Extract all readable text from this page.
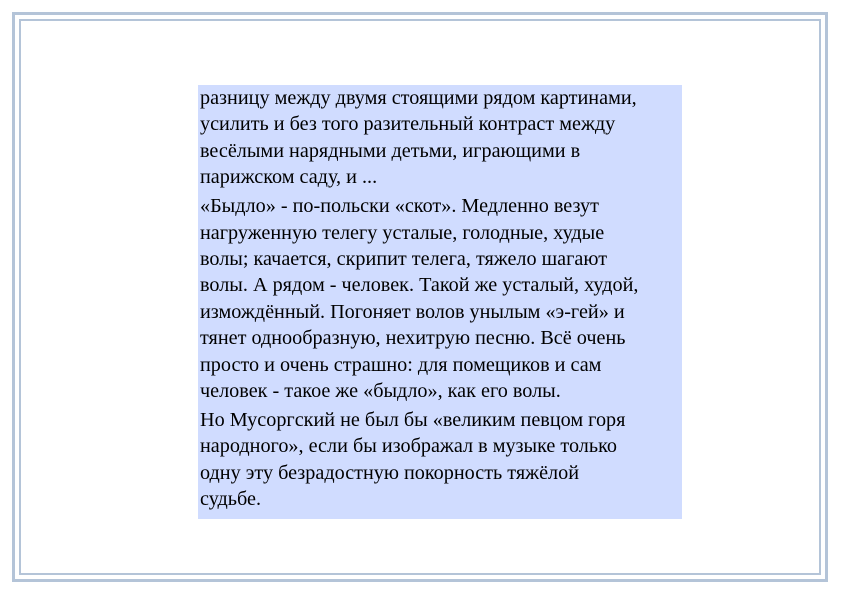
разницу между двумя стоящими рядом картинами,
усилить и без того разительный контраст между
весёлыми нарядными детьми, играющими в
парижском саду, и ...

«Быдло» - по-польски «скот». Медленно везут
нагруженную телегу усталые, голодные, худые
волы; качается, скрипит телега, тяжело шагают
волы. А рядом - человек. Такой же усталый, худой,
измождённый. Погоняет волов унылым «э-гей» и
тянет однообразную, нехитрую песню. Всё очень
просто и очень страшно: для помещиков и сам
человек - такое же «быдло», как его волы.

Но Мусоргский не был бы «великим певцом горя
народного», если бы изображал в музыке только
одну эту безрадостную покорность тяжёлой
судьбе.
